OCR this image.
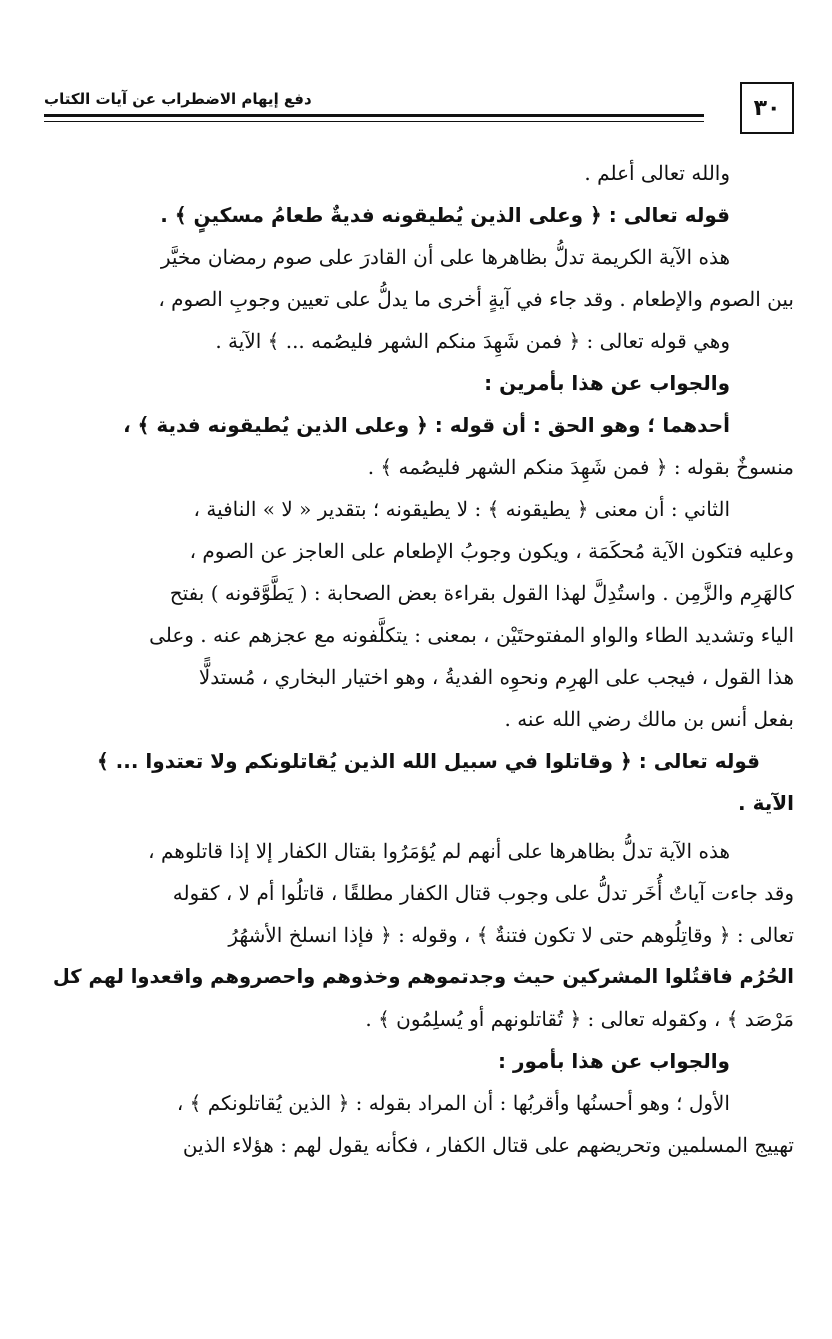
دفع إيهام الاضطراب عن آيات الكتاب	٣٠
والله تعالى أعلم .
قوله تعالى : ﴿ وعلى الذين يُطيقونه فديةٌ طعامُ مسكينٍ ﴾ .
هذه الآية الكريمة تدلُّ بظاهرها على أن القادرَ على صوم رمضان مخيَّر
بين الصوم والإطعام . وقد جاء في آيةٍ أخرى ما يدلُّ على تعيين وجوبِ الصوم ،
وهي قوله تعالى : ﴿ فمن شَهِدَ منكم الشهر فليصُمه ... ﴾ الآية .
والجواب عن هذا بأمرين :
أحدهما ؛ وهو الحق : أن قوله : ﴿ وعلى الذين يُطيقونه فدية ﴾ ،
منسوخٌ بقوله : ﴿ فمن شَهِدَ منكم الشهر فليصُمه ﴾ .
الثاني : أن معنى ﴿ يطيقونه ﴾ : لا يطيقونه ؛ بتقدير « لا » النافية ،
وعليه فتكون الآية مُحكَمَة ، ويكون وجوبُ الإطعام على العاجز عن الصوم ،
كالهَرِم والزَّمِن . واستُدِلَّ لهذا القول بقراءة بعض الصحابة : ( يَطَّوَّقونه ) بفتح
الياء وتشديد الطاء والواو المفتوحتَيْن ، بمعنى : يتكلَّفونه مع عجزهم عنه . وعلى
هذا القول ، فيجب على الهرِم ونحوِه الفديةُ ، وهو اختيار البخاري ، مُستدلًّا
بفعل أنس بن مالك رضي الله عنه .
قوله تعالى : ﴿ وقاتلوا في سبيل الله الذين يُقاتلونكم ولا تعتدوا ... ﴾
الآية .
هذه الآية تدلُّ بظاهرها على أنهم لم يُؤمَرُوا بقتال الكفار إلا إذا قاتلوهم ،
وقد جاءت آياتٌ أُخَر تدلُّ على وجوب قتال الكفار مطلقًا ، قاتلُوا أم لا ، كقوله
تعالى : ﴿ وقاتِلُوهم حتى لا تكون فتنةٌ ﴾ ، وقوله : ﴿ فإذا انسلخ الأشهُرُ
الحُرُم فاقتُلوا المشركين حيث وجدتموهم وخذوهم واحصروهم واقعدوا لهم كل
مَرْصَد ﴾ ، وكقوله تعالى : ﴿ تُقاتلونهم أو يُسلِمُون ﴾ .
والجواب عن هذا بأمور :
الأول ؛ وهو أحسنُها وأقربُها : أن المراد بقوله : ﴿ الذين يُقاتلونكم ﴾ ،
تهييج المسلمين وتحريضهم على قتال الكفار ، فكأنه يقول لهم : هؤلاء الذين
